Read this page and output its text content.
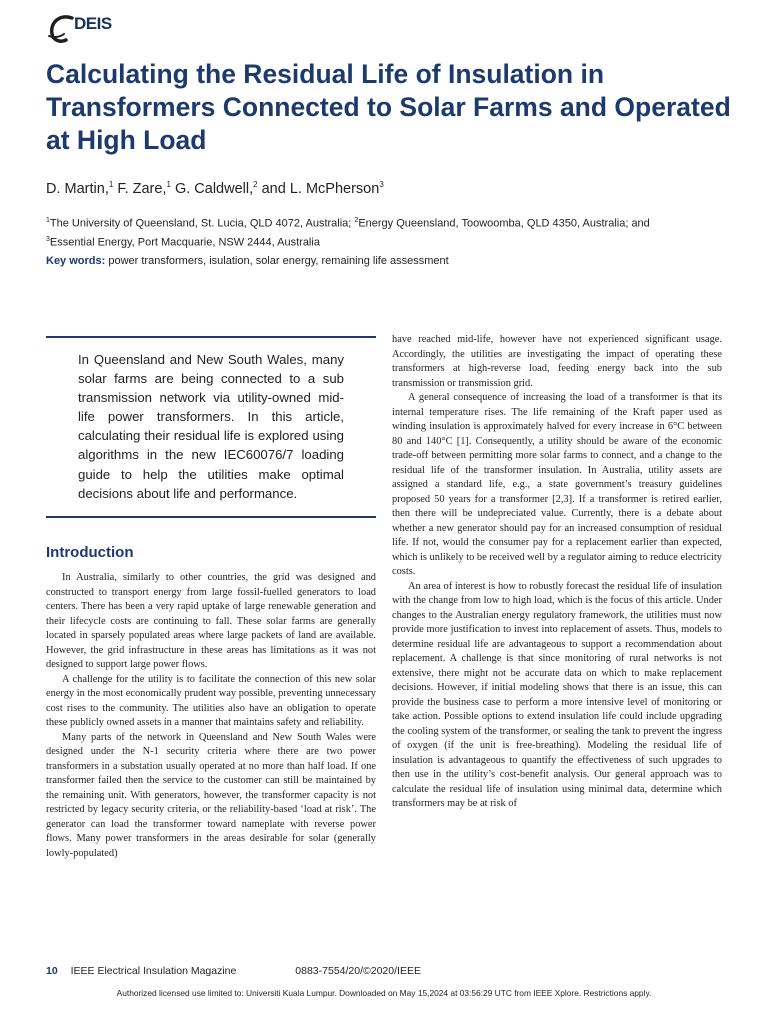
DEIS
Calculating the Residual Life of Insulation in Transformers Connected to Solar Farms and Operated at High Load
D. Martin,$^1$ F. Zare,$^1$ G. Caldwell,$^2$ and L. McPherson$^3$
$^1$The University of Queensland, St. Lucia, QLD 4072, Australia; $^2$Energy Queensland, Toowoomba, QLD 4350, Australia; and
$^3$Essential Energy, Port Macquarie, NSW 2444, Australia
Key words: power transformers, isulation, solar energy, remaining life assessment
In Queensland and New South Wales, many solar farms are being connected to a sub transmission network via utility-owned mid-life power transformers. In this article, calculating their residual life is explored using algorithms in the new IEC60076/7 loading guide to help the utilities make optimal decisions about life and performance.
Introduction

In Australia, similarly to other countries, the grid was designed and constructed to transport energy from large fossil-fuelled generators to load centers. There has been a very rapid uptake of large renewable generation and their lifecycle costs are continuing to fall. These solar farms are generally located in sparsely populated areas where large packets of land are available. However, the grid infrastructure in these areas has limitations as it was not designed to support large power flows.

A challenge for the utility is to facilitate the connection of this new solar energy in the most economically prudent way possible, preventing unnecessary cost rises to the community. The utilities also have an obligation to operate these publicly owned assets in a manner that maintains safety and reliability.

Many parts of the network in Queensland and New South Wales were designed under the N-1 security criteria where there are two power transformers in a substation usually operated at no more than half load. If one transformer failed then the service to the customer can still be maintained by the remaining unit. With generators, however, the transformer capacity is not restricted by legacy security criteria, or the reliability-based ‘load at risk’. The generator can load the transformer toward nameplate with reverse power flows. Many power transformers in the areas desirable for solar (generally lowly-populated)

have reached mid-life, however have not experienced significant usage. Accordingly, the utilities are investigating the impact of operating these transformers at high-reverse load, feeding energy back into the sub transmission or transmission grid.

A general consequence of increasing the load of a transformer is that its internal temperature rises. The life remaining of the Kraft paper used as winding insulation is approximately halved for every increase in 6°C between 80 and 140°C [1]. Consequently, a utility should be aware of the economic trade-off between permitting more solar farms to connect, and a change to the residual life of the transformer insulation. In Australia, utility assets are assigned a standard life, e.g., a state government’s treasury guidelines proposed 50 years for a transformer [2,3]. If a transformer is retired earlier, then there will be undepreciated value. Currently, there is a debate about whether a new generator should pay for an increased consumption of residual life. If not, would the consumer pay for a replacement earlier than expected, which is unlikely to be received well by a regulator aiming to reduce electricity costs.

An area of interest is how to robustly forecast the residual life of insulation with the change from low to high load, which is the focus of this article. Under changes to the Australian energy regulatory framework, the utilities must now provide more justification to invest into replacement of assets. Thus, models to determine residual life are advantageous to support a recommendation about replacement. A challenge is that since monitoring of rural networks is not extensive, there might not be accurate data on which to make replacement decisions. However, if initial modeling shows that there is an issue, this can provide the business case to perform a more intensive level of monitoring or take action. Possible options to extend insulation life could include upgrading the cooling system of the transformer, or sealing the tank to prevent the ingress of oxygen (if the unit is free-breathing). Modeling the residual life of insulation is advantageous to quantify the effectiveness of such upgrades to then use in the utility’s cost-benefit analysis. Our general approach was to calculate the residual life of insulation using minimal data, determine which transformers may be at risk of

10 IEEE Electrical Insulation Magazine	0883-7554/20/©2020/IEEE
Authorized licensed use limited to: Universiti Kuala Lumpur. Downloaded on May 15,2024 at 03:56:29 UTC from IEEE Xplore. Restrictions apply.
